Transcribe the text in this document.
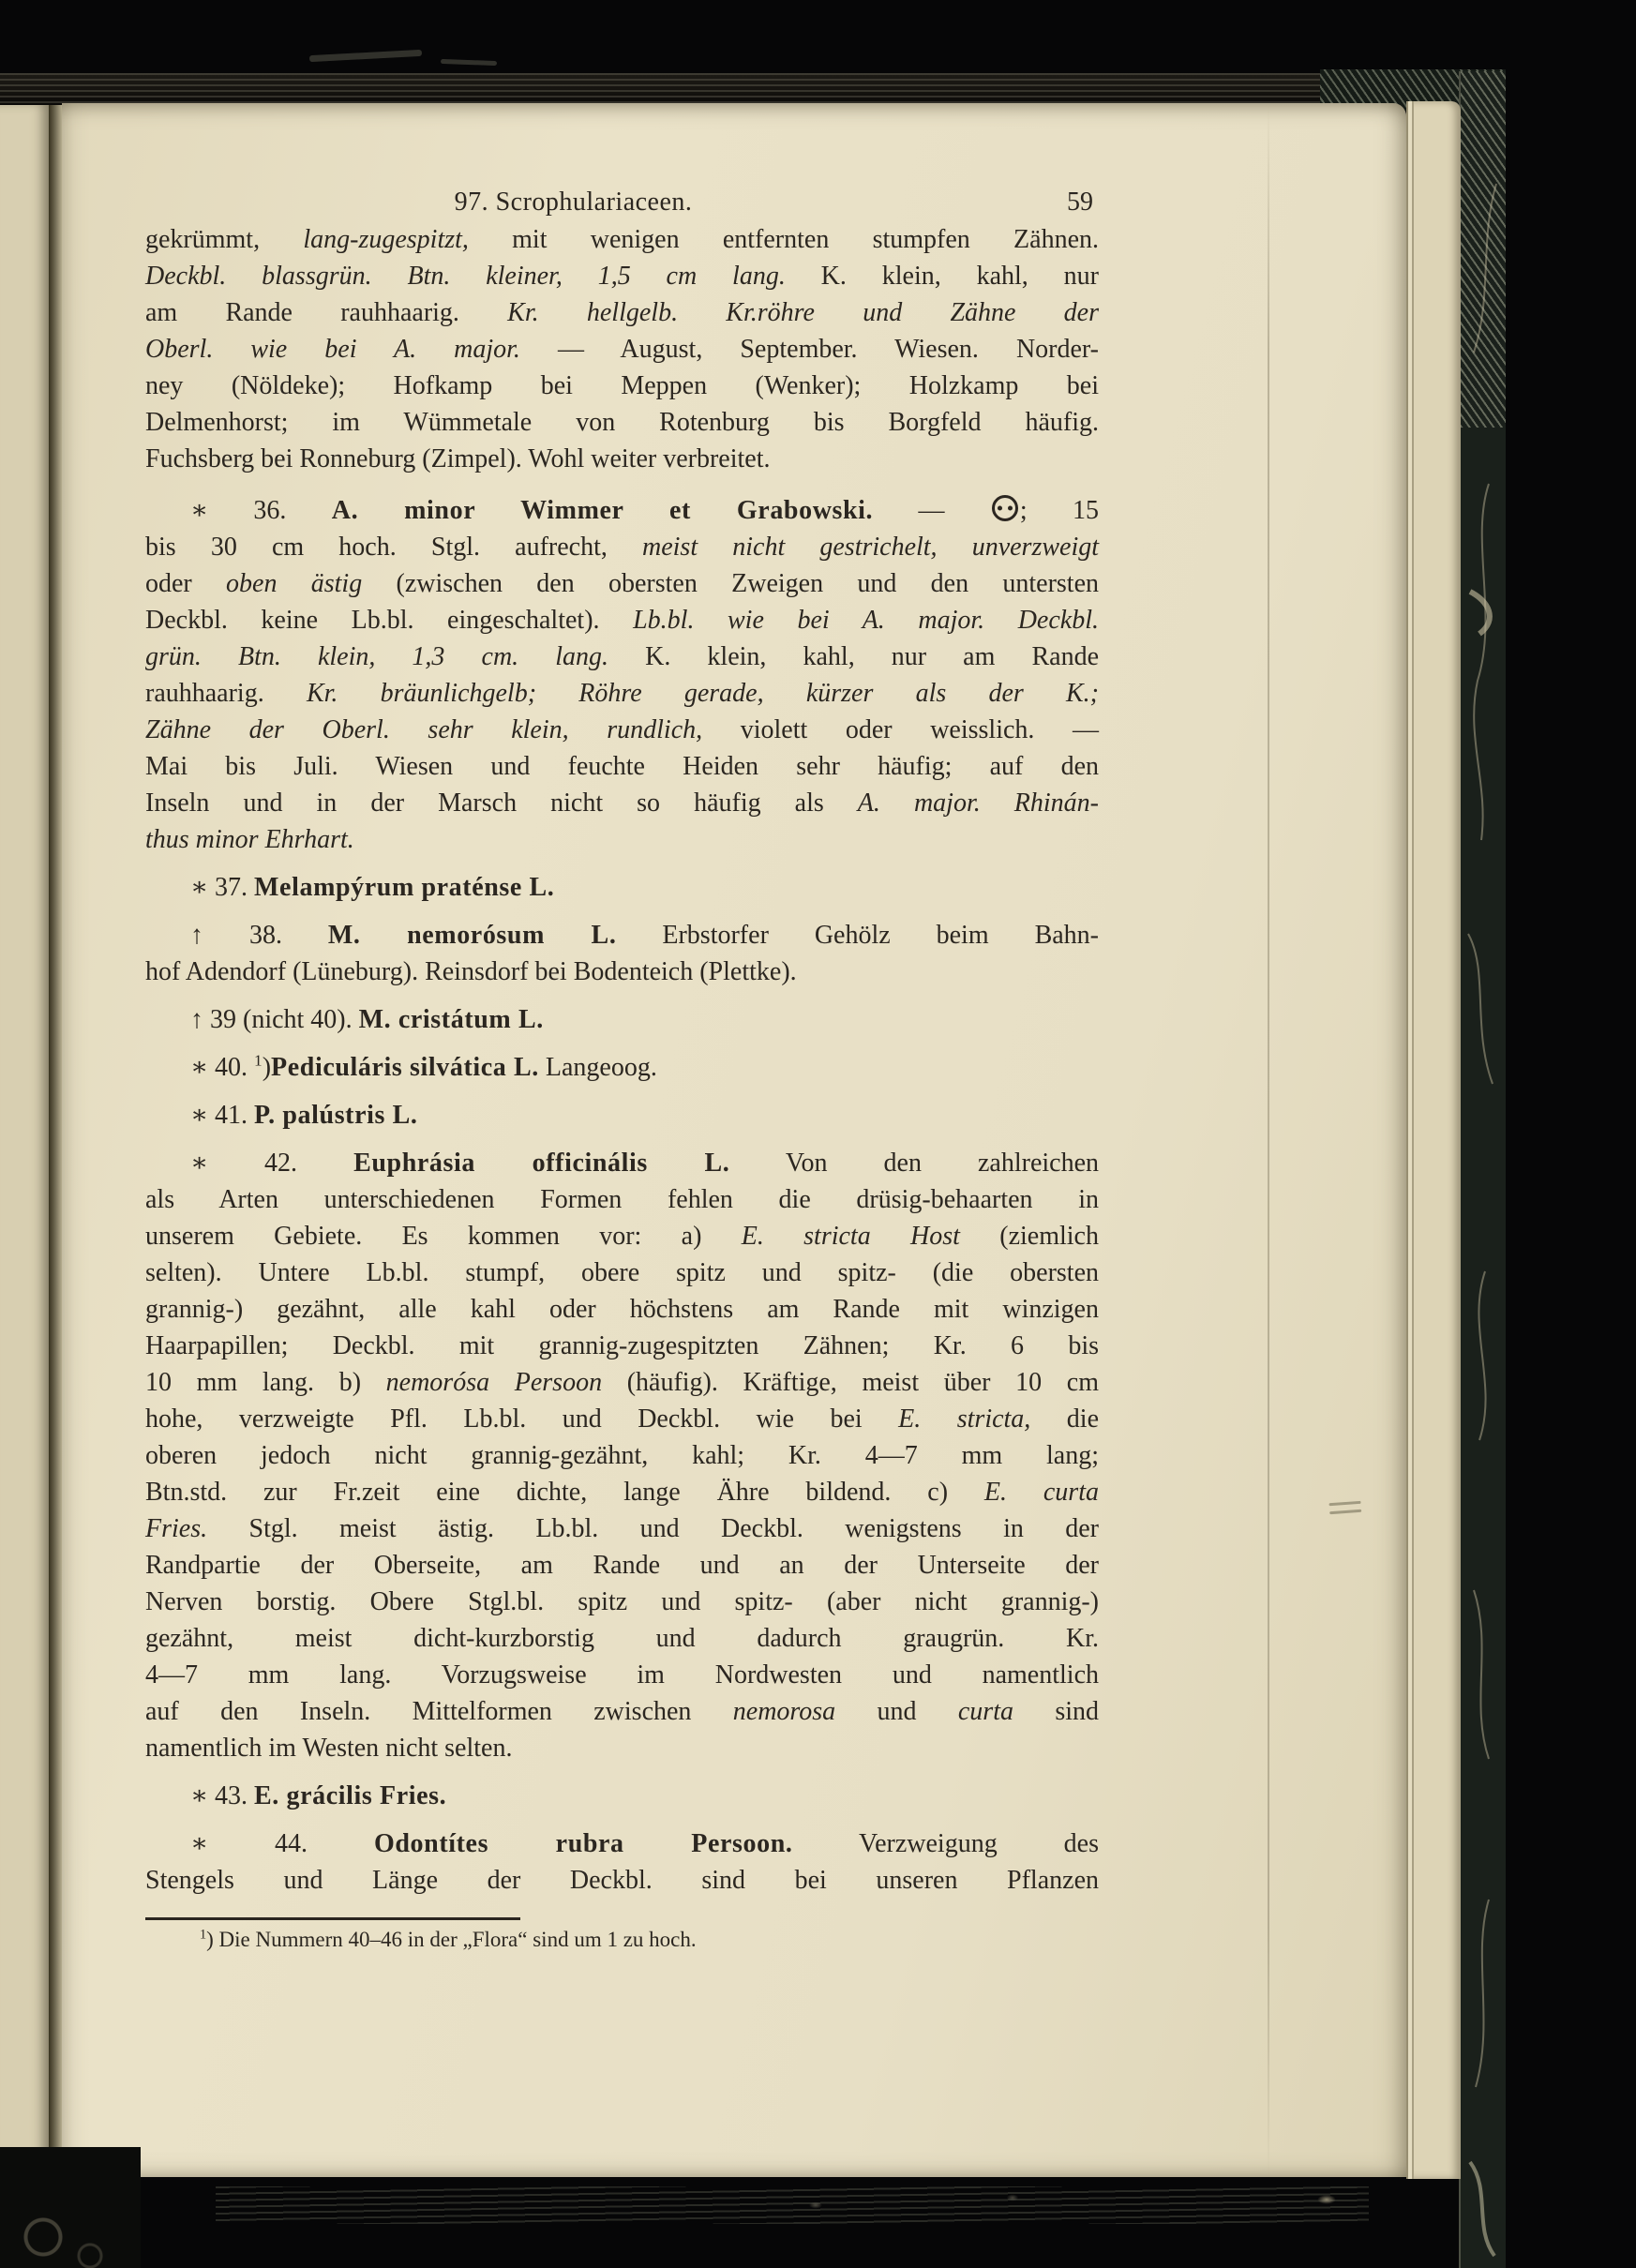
97. Scrophulariaceen.	59
gekrümmt, lang-zugespitzt, mit wenigen entfernten stumpfen Zähnen.
Deckbl. blassgrün. Btn. kleiner, 1,5 cm lang. K. klein, kahl, nur
am Rande rauhhaarig. Kr. hellgelb. Kr.röhre und Zähne der
Oberl. wie bei A. major. — August, September. Wiesen. Norder-
ney (Nöldeke); Hofkamp bei Meppen (Wenker); Holzkamp bei
Delmenhorst; im Wümmetale von Rotenburg bis Borgfeld häufig.
Fuchsberg bei Ronneburg (Zimpel). Wohl weiter verbreitet.
∗ 36. A. minor Wimmer et Grabowski. — ; 15
bis 30 cm hoch. Stgl. aufrecht, meist nicht gestrichelt, unverzweigt
oder oben ästig (zwischen den obersten Zweigen und den untersten
Deckbl. keine Lb.bl. eingeschaltet). Lb.bl. wie bei A. major. Deckbl.
grün. Btn. klein, 1,3 cm. lang. K. klein, kahl, nur am Rande
rauhhaarig. Kr. bräunlichgelb; Röhre gerade, kürzer als der K.;
Zähne der Oberl. sehr klein, rundlich, violett oder weisslich. —
Mai bis Juli. Wiesen und feuchte Heiden sehr häufig; auf den
Inseln und in der Marsch nicht so häufig als A. major. Rhinán-
thus minor Ehrhart.
∗ 37. Melampýrum praténse L.
↑ 38. M. nemorósum L. Erbstorfer Gehölz beim Bahn-
hof Adendorf (Lüneburg). Reinsdorf bei Bodenteich (Plettke).
↑ 39 (nicht 40). M. cristátum L.
∗ 40. $^1$)Pediculáris silvática L. Langeoog.
∗ 41. P. palústris L.
∗ 42. Euphrásia officinális L. Von den zahlreichen
als Arten unterschiedenen Formen fehlen die drüsig-behaarten in
unserem Gebiete. Es kommen vor: a) E. stricta Host (ziemlich
selten). Untere Lb.bl. stumpf, obere spitz und spitz- (die obersten
grannig-) gezähnt, alle kahl oder höchstens am Rande mit winzigen
Haarpapillen; Deckbl. mit grannig-zugespitzten Zähnen; Kr. 6 bis
10 mm lang. b) nemorósa Persoon (häufig). Kräftige, meist über 10 cm
hohe, verzweigte Pfl. Lb.bl. und Deckbl. wie bei E. stricta, die
oberen jedoch nicht grannig-gezähnt, kahl; Kr. 4—7 mm lang;
Btn.std. zur Fr.zeit eine dichte, lange Ähre bildend. c) E. curta
Fries. Stgl. meist ästig. Lb.bl. und Deckbl. wenigstens in der
Randpartie der Oberseite, am Rande und an der Unterseite der
Nerven borstig. Obere Stgl.bl. spitz und spitz- (aber nicht grannig-)
gezähnt, meist dicht-kurzborstig und dadurch graugrün. Kr.
4—7 mm lang. Vorzugsweise im Nordwesten und namentlich
auf den Inseln. Mittelformen zwischen nemorosa und curta sind
namentlich im Westen nicht selten.
∗ 43. E. grácilis Fries.
∗ 44. Odontítes rubra Persoon. Verzweigung des
Stengels und Länge der Deckbl. sind bei unseren Pflanzen
$^1$) Die Nummern 40–46 in der „Flora“ sind um 1 zu hoch.
